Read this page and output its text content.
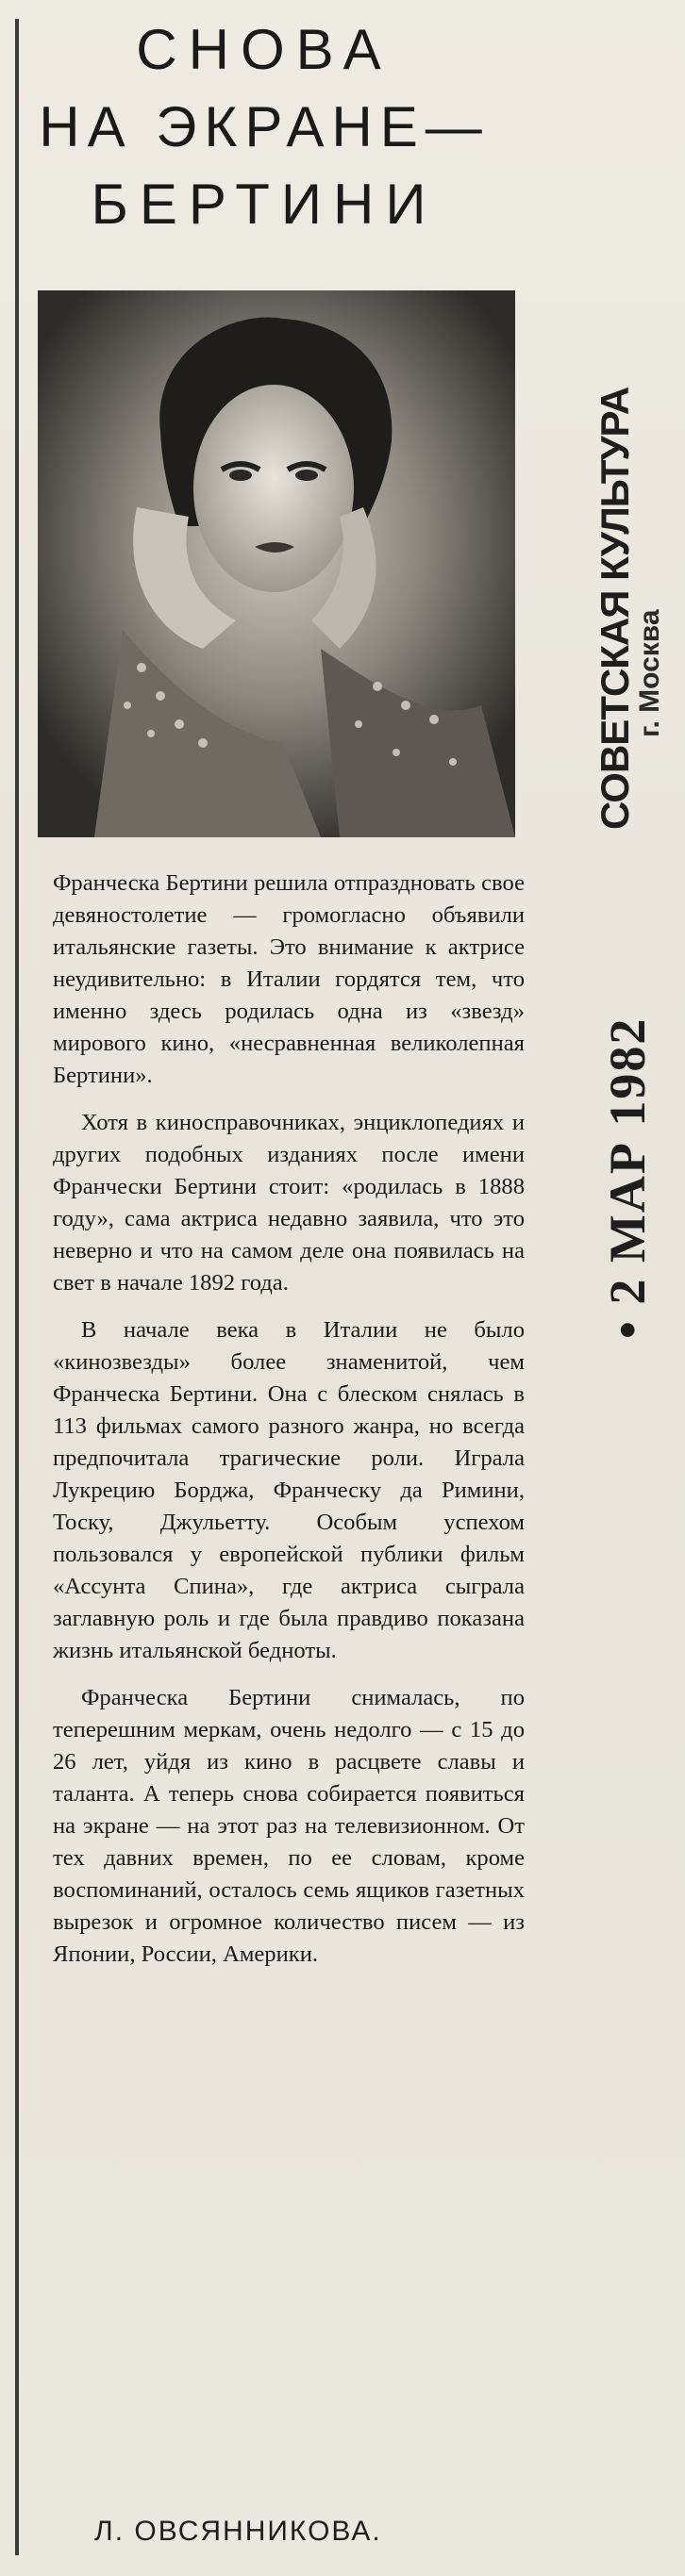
СНОВА
НА ЭКРАНЕ—
БЕРТИНИ
СОВЕТСКАЯ КУЛЬТУРА
г. Москва
• 2 МАР 1982

Франческа Бертини решила отпраздновать свое девяностолетие — громогласно объявили итальянские газеты. Это внимание к актрисе неудивительно: в Италии гордятся тем, что именно здесь родилась одна из «звезд» мирового кино, «несравненная великолепная Бертини».

Хотя в киносправочниках, энциклопедиях и других подобных изданиях после имени Франчески Бертини стоит: «родилась в 1888 году», сама актриса недавно заявила, что это неверно и что на самом деле она появилась на свет в начале 1892 года.

В начале века в Италии не было «кинозвезды» более знаменитой, чем Франческа Бертини. Она с блеском снялась в 113 фильмах самого разного жанра, но всегда предпочитала трагические роли. Играла Лукрецию Борджа, Франческу да Римини, Тоску, Джульетту. Особым успехом пользовался у европейской публики фильм «Ассунта Спина», где актриса сыграла заглавную роль и где была правдиво показана жизнь итальянской бедноты.

Франческа Бертини снималась, по теперешним меркам, очень недолго — с 15 до 26 лет, уйдя из кино в расцвете славы и таланта. А теперь снова собирается появиться на экране — на этот раз на телевизионном. От тех давних времен, по ее словам, кроме воспоминаний, осталось семь ящиков газетных вырезок и огромное количество писем — из Японии, России, Америки.

Л. ОВСЯННИКОВА.
